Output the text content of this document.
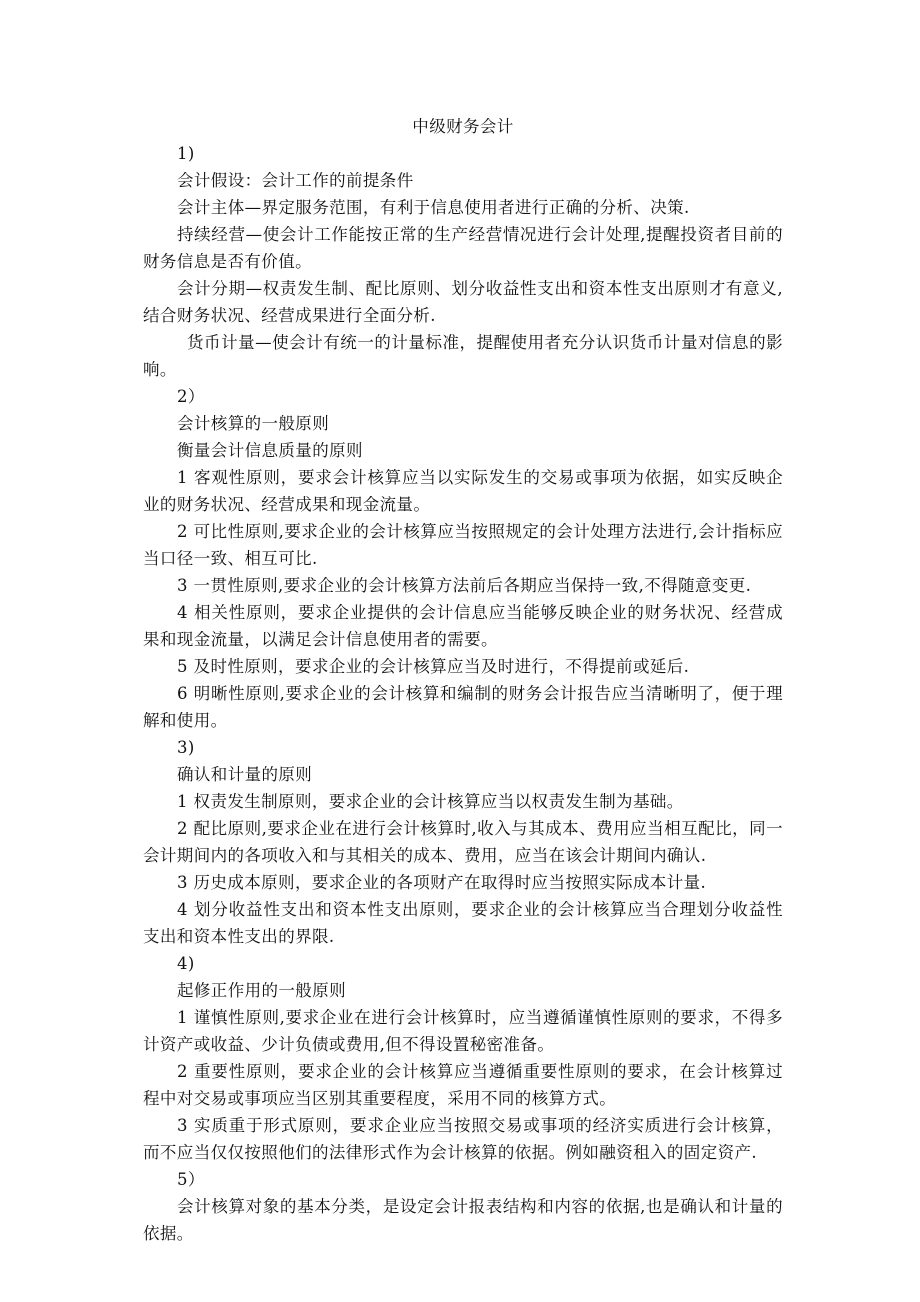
中级财务会计

1)

会计假设：会计工作的前提条件

会计主体—界定服务范围，有利于信息使用者进行正确的分析、决策.

持续经营—使会计工作能按正常的生产经营情况进行会计处理,提醒投资者目前的财务信息是否有价值。

会计分期—权责发生制、配比原则、划分收益性支出和资本性支出原则才有意义,结合财务状况、经营成果进行全面分析.

货币计量—使会计有统一的计量标准，提醒使用者充分认识货币计量对信息的影响。

2）

会计核算的一般原则

衡量会计信息质量的原则

1 客观性原则，要求会计核算应当以实际发生的交易或事项为依据，如实反映企业的财务状况、经营成果和现金流量。

2 可比性原则,要求企业的会计核算应当按照规定的会计处理方法进行,会计指标应当口径一致、相互可比.

3 一贯性原则,要求企业的会计核算方法前后各期应当保持一致,不得随意变更.

4 相关性原则，要求企业提供的会计信息应当能够反映企业的财务状况、经营成果和现金流量，以满足会计信息使用者的需要。

5 及时性原则，要求企业的会计核算应当及时进行，不得提前或延后.

6 明晰性原则,要求企业的会计核算和编制的财务会计报告应当清晰明了，便于理解和使用。

3)

确认和计量的原则

1 权责发生制原则，要求企业的会计核算应当以权责发生制为基础。

2 配比原则,要求企业在进行会计核算时,收入与其成本、费用应当相互配比，同一会计期间内的各项收入和与其相关的成本、费用，应当在该会计期间内确认.

3 历史成本原则，要求企业的各项财产在取得时应当按照实际成本计量.

4 划分收益性支出和资本性支出原则，要求企业的会计核算应当合理划分收益性支出和资本性支出的界限.

4)

起修正作用的一般原则

1 谨慎性原则,要求企业在进行会计核算时，应当遵循谨慎性原则的要求，不得多计资产或收益、少计负债或费用,但不得设置秘密准备。

2 重要性原则，要求企业的会计核算应当遵循重要性原则的要求，在会计核算过程中对交易或事项应当区别其重要程度，采用不同的核算方式。

3 实质重于形式原则，要求企业应当按照交易或事项的经济实质进行会计核算，而不应当仅仅按照他们的法律形式作为会计核算的依据。例如融资租入的固定资产.

5）

会计核算对象的基本分类，是设定会计报表结构和内容的依据,也是确认和计量的依据。
